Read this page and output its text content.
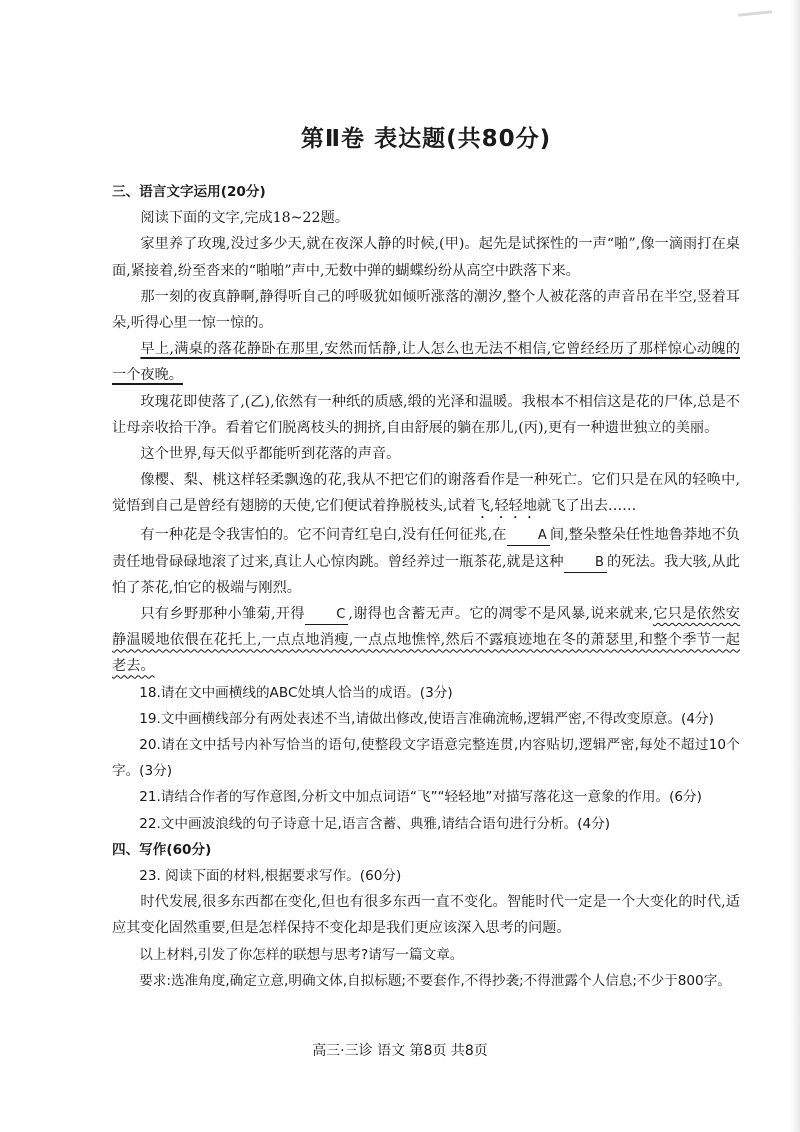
第Ⅱ卷 表达题(共80分)

三、语言文字运用(20分)

阅读下面的文字,完成18~22题。

家里养了玫瑰,没过多少天,就在夜深人静的时候,(甲)。起先是试探性的一声“啪”,像一滴雨打在桌面,紧接着,纷至沓来的“啪啪”声中,无数中弹的蝴蝶纷纷从高空中跌落下来。

那一刻的夜真静啊,静得听自己的呼吸犹如倾听涨落的潮汐,整个人被花落的声音吊在半空,竖着耳朵,听得心里一惊一惊的。

早上,满桌的落花静卧在那里,安然而恬静,让人怎么也无法不相信,它曾经经历了那样惊心动魄的一个夜晚。

玫瑰花即使落了,(乙),依然有一种纸的质感,缎的光泽和温暖。我根本不相信这是花的尸体,总是不让母亲收拾干净。看着它们脱离枝头的拥挤,自由舒展的躺在那儿,(丙),更有一种遗世独立的美丽。

这个世界,每天似乎都能听到花落的声音。

像樱、梨、桃这样轻柔飘逸的花,我从不把它们的谢落看作是一种死亡。它们只是在风的轻唤中,觉悟到自己是曾经有翅膀的天使,它们便试着挣脱枝头,试着飞,轻轻地就飞了出去……

有一种花是令我害怕的。它不问青红皂白,没有任何征兆,在 A 间,整朵整朵任性地鲁莽地不负责任地骨碌碌地滚了过来,真让人心惊肉跳。曾经养过一瓶茶花,就是这种 B 的死法。我大骇,从此怕了茶花,怕它的极端与刚烈。

只有乡野那种小雏菊,开得 C ,谢得也含蓄无声。它的凋零不是风暴,说来就来,它只是依然安静温暖地依偎在花托上,一点点地消瘦,一点点地憔悴,然后不露痕迹地在冬的萧瑟里,和整个季节一起老去。

18.请在文中画横线的ABC处填人恰当的成语。(3分)

19.文中画横线部分有两处表述不当,请做出修改,使语言准确流畅,逻辑严密,不得改变原意。(4分)

20.请在文中括号内补写恰当的语句,使整段文字语意完整连贯,内容贴切,逻辑严密,每处不超过10个字。(3分)

21.请结合作者的写作意图,分析文中加点词语“飞”“轻轻地”对描写落花这一意象的作用。(6分)

22.文中画波浪线的句子诗意十足,语言含蓄、典雅,请结合语句进行分析。(4分)

四、写作(60分)

23. 阅读下面的材料,根据要求写作。(60分)

时代发展,很多东西都在变化,但也有很多东西一直不变化。智能时代一定是一个大变化的时代,适应其变化固然重要,但是怎样保持不变化却是我们更应该深入思考的问题。

以上材料,引发了你怎样的联想与思考?请写一篇文章。

要求:选准角度,确定立意,明确文体,自拟标题;不要套作,不得抄袭;不得泄露个人信息;不少于800字。

高三·三诊 语文 第8页 共8页
